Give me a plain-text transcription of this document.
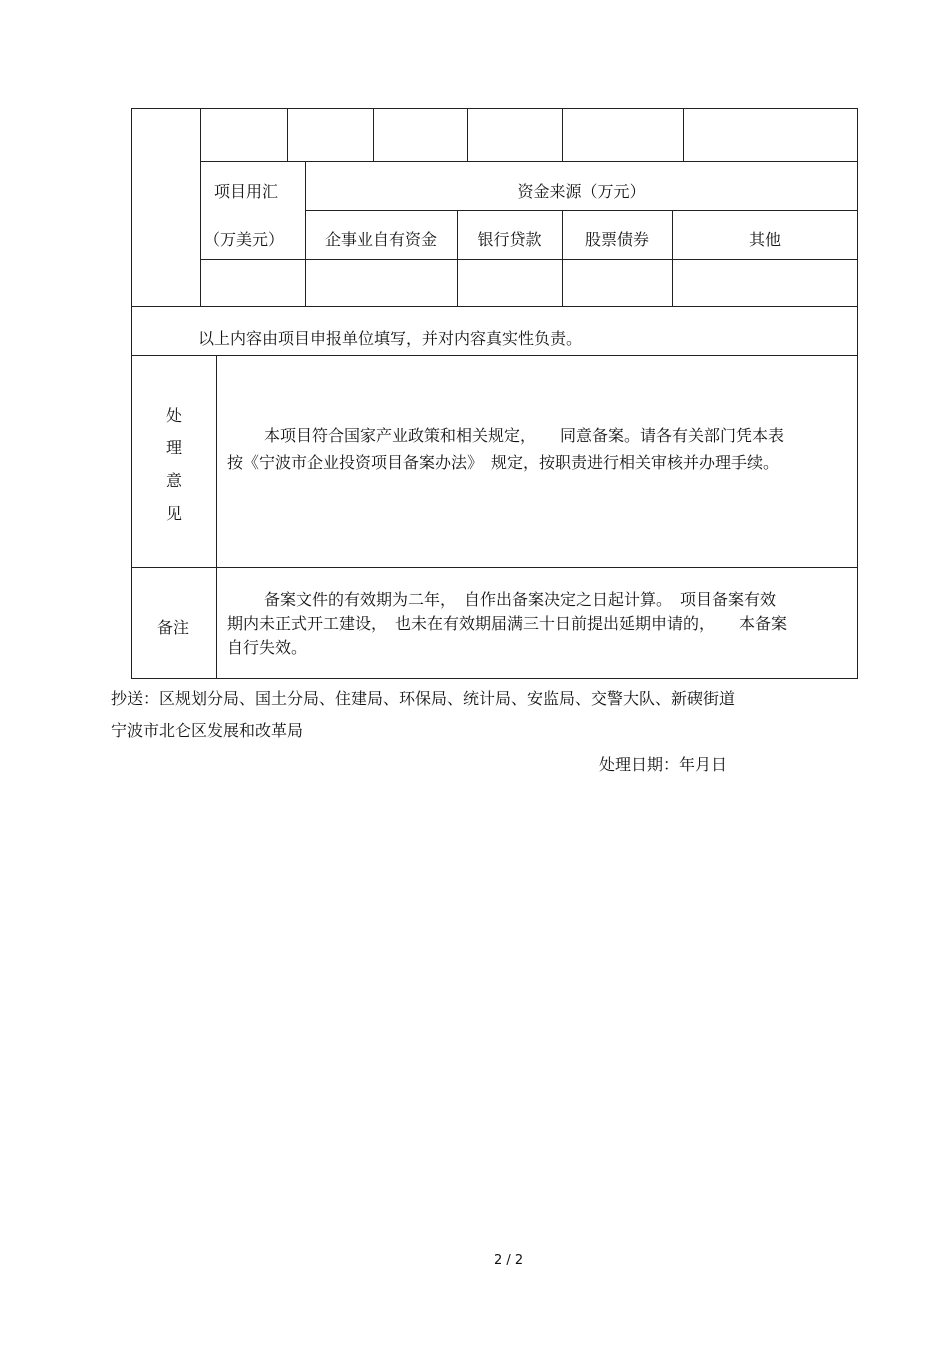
项目用汇
（万美元）
资金来源（万元）
企事业自有资金	银行贷款	股票债券	其他
以上内容由项目申报单位填写，并对内容真实性负责。
处
理
意
见
本项目符合国家产业政策和相关规定，　　同意备案。请各有关部门凭本表
按《宁波市企业投资项目备案办法》　规定，按职责进行相关审核并办理手续。
备注
备案文件的有效期为二年，　自作出备案决定之日起计算。　项目备案有效
期内未正式开工建设，　也未在有效期届满三十日前提出延期申请的，　　本备案
自行失效。
抄送：区规划分局、国土分局、住建局、环保局、统计局、安监局、交警大队、新碶街道
宁波市北仑区发展和改革局
处理日期：年月日
2 / 2
